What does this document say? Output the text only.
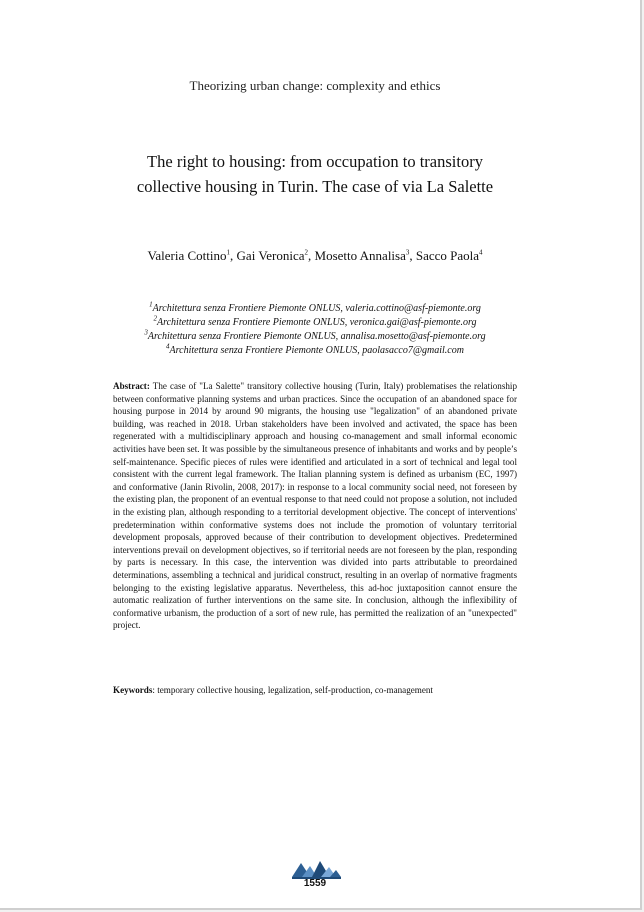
Theorizing urban change: complexity and ethics
The right to housing: from occupation to transitory
collective housing in Turin. The case of via La Salette
Valeria Cottino$^1$, Gai Veronica$^2$, Mosetto Annalisa$^3$, Sacco Paola$^4$
$^1$Architettura senza Frontiere Piemonte ONLUS, valeria.cottino@asf-piemonte.org
$^2$Architettura senza Frontiere Piemonte ONLUS, veronica.gai@asf-piemonte.org
$^3$Architettura senza Frontiere Piemonte ONLUS, annalisa.mosetto@asf-piemonte.org
$^4$Architettura senza Frontiere Piemonte ONLUS, paolasacco7@gmail.com
Abstract: The case of "La Salette" transitory collective housing (Turin, Italy) problematises the relationship between conformative planning systems and urban practices. Since the occupation of an abandoned space for housing purpose in 2014 by around 90 migrants, the housing use "legalization" of an abandoned private building, was reached in 2018. Urban stakeholders have been involved and activated, the space has been regenerated with a multidisciplinary approach and housing co-management and small informal economic activities have been set. It was possible by the simultaneous presence of inhabitants and works and by people’s self-maintenance. Specific pieces of rules were identified and articulated in a sort of technical and legal tool consistent with the current legal framework. The Italian planning system is defined as urbanism (EC, 1997) and conformative (Janin Rivolin, 2008, 2017): in response to a local community social need, not foreseen by the existing plan, the proponent of an eventual response to that need could not propose a solution, not included in the existing plan, although responding to a territorial development objective. The concept of interventions' predetermination within conformative systems does not include the promotion of voluntary territorial development proposals, approved because of their contribution to development objectives. Predetermined interventions prevail on development objectives, so if territorial needs are not foreseen by the plan, responding by parts is necessary. In this case, the intervention was divided into parts attributable to preordained determinations, assembling a technical and juridical construct, resulting in an overlap of normative fragments belonging to the existing legislative apparatus. Nevertheless, this ad-hoc juxtaposition cannot ensure the automatic realization of further interventions on the same site. In conclusion, although the inflexibility of conformative urbanism, the production of a sort of new rule, has permitted the realization of an "unexpected" project.
Keywords: temporary collective housing, legalization, self-production, co-management
1559
